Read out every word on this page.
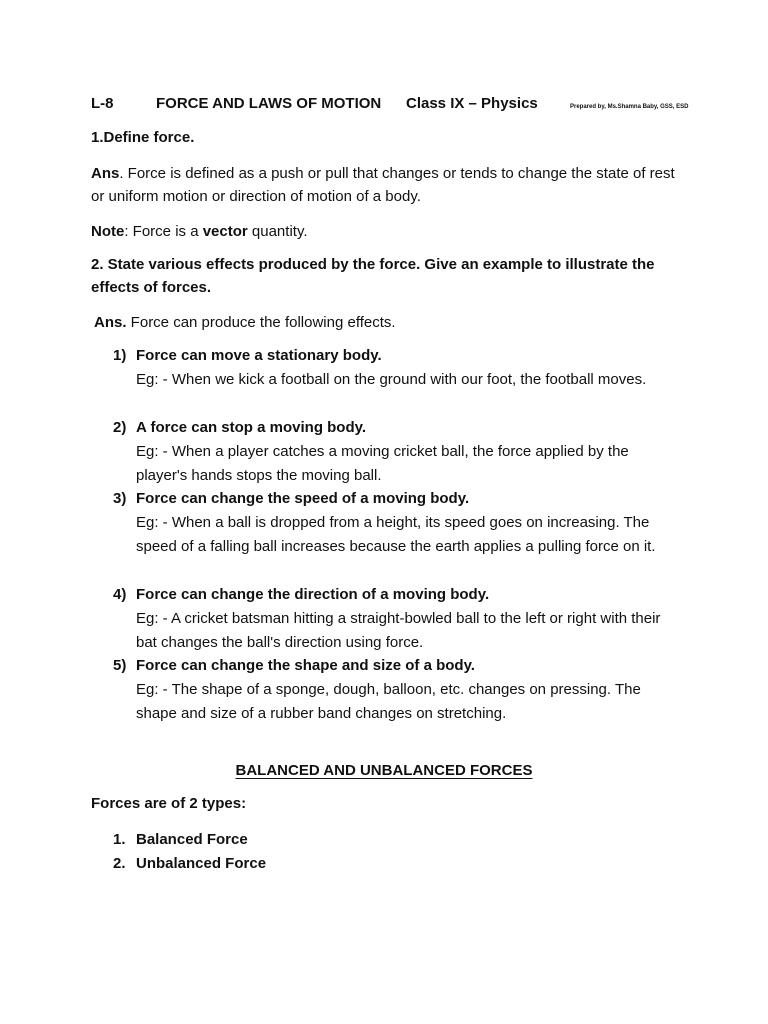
L-8	FORCE AND LAWS OF MOTION Class IX – Physics	Prepared by, Ms.Shamna Baby, GSS, ESD
1.Define force.
Ans. Force is defined as a push or pull that changes or tends to change the state of rest or uniform motion or direction of motion of a body.
Note: Force is a vector quantity.
2. State various effects produced by the force. Give an example to illustrate the effects of forces.
Ans. Force can produce the following effects.
1) Force can move a stationary body.
Eg: - When we kick a football on the ground with our foot, the football moves.
2) A force can stop a moving body.
Eg: - When a player catches a moving cricket ball, the force applied by the player's hands stops the moving ball.
3) Force can change the speed of a moving body.
Eg: - When a ball is dropped from a height, its speed goes on increasing. The speed of a falling ball increases because the earth applies a pulling force on it.
4) Force can change the direction of a moving body.
Eg: - A cricket batsman hitting a straight-bowled ball to the left or right with their bat changes the ball's direction using force.
5) Force can change the shape and size of a body.
Eg: - The shape of a sponge, dough, balloon, etc. changes on pressing. The shape and size of a rubber band changes on stretching.
BALANCED AND UNBALANCED FORCES
Forces are of 2 types:
1. Balanced Force
2. Unbalanced Force
